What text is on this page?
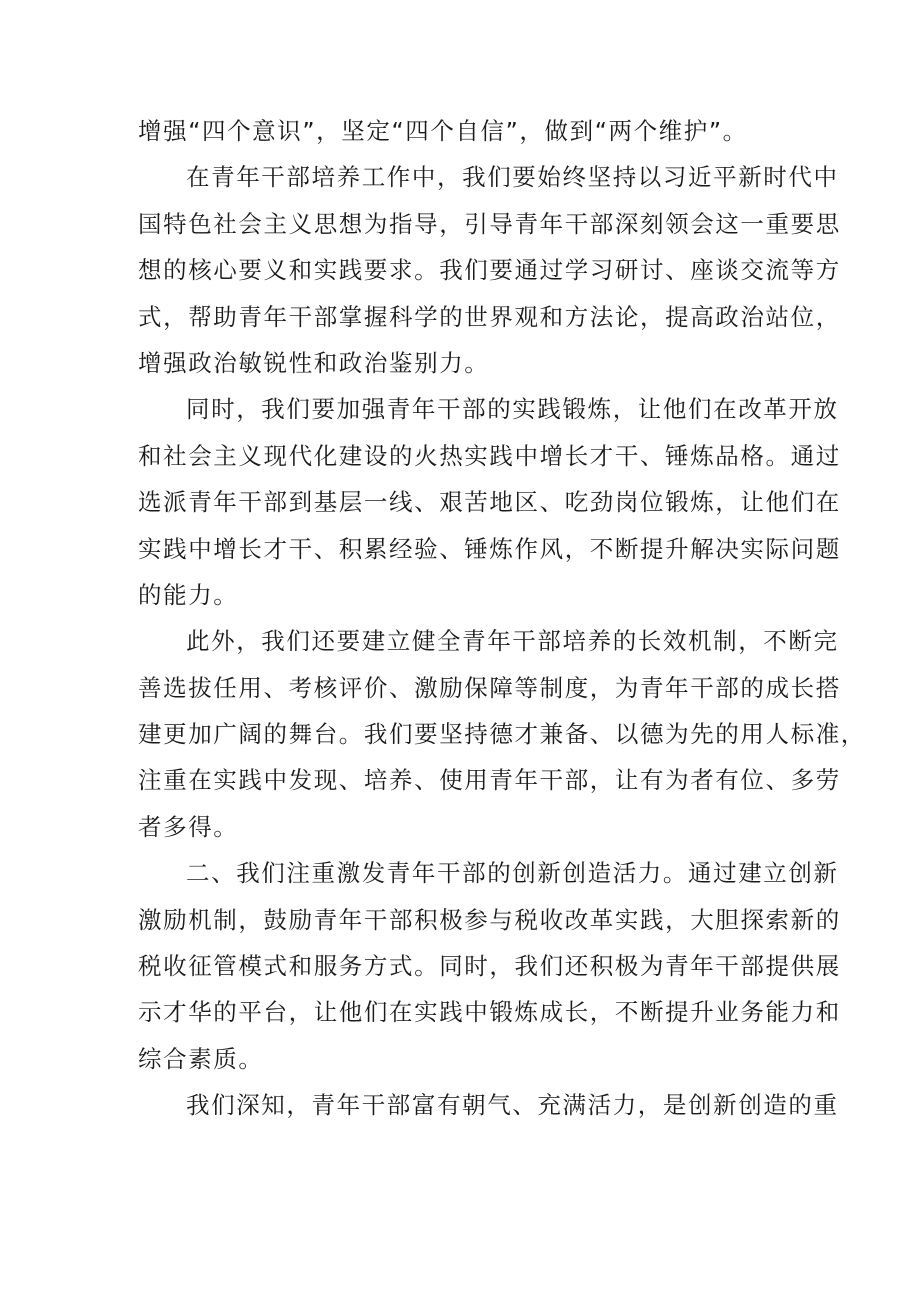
增强“四个意识”，坚定“四个自信”，做到“两个维护”。

在青年干部培养工作中，我们要始终坚持以习近平新时代中
国特色社会主义思想为指导，引导青年干部深刻领会这一重要思
想的核心要义和实践要求。我们要通过学习研讨、座谈交流等方
式，帮助青年干部掌握科学的世界观和方法论，提高政治站位，
增强政治敏锐性和政治鉴别力。

同时，我们要加强青年干部的实践锻炼，让他们在改革开放
和社会主义现代化建设的火热实践中增长才干、锤炼品格。通过
选派青年干部到基层一线、艰苦地区、吃劲岗位锻炼，让他们在
实践中增长才干、积累经验、锤炼作风，不断提升解决实际问题
的能力。

此外，我们还要建立健全青年干部培养的长效机制，不断完
善选拔任用、考核评价、激励保障等制度，为青年干部的成长搭
建更加广阔的舞台。我们要坚持德才兼备、以德为先的用人标准，
注重在实践中发现、培养、使用青年干部，让有为者有位、多劳
者多得。

二、我们注重激发青年干部的创新创造活力。通过建立创新
激励机制，鼓励青年干部积极参与税收改革实践，大胆探索新的
税收征管模式和服务方式。同时，我们还积极为青年干部提供展
示才华的平台，让他们在实践中锻炼成长，不断提升业务能力和
综合素质。

我们深知，青年干部富有朝气、充满活力，是创新创造的重
